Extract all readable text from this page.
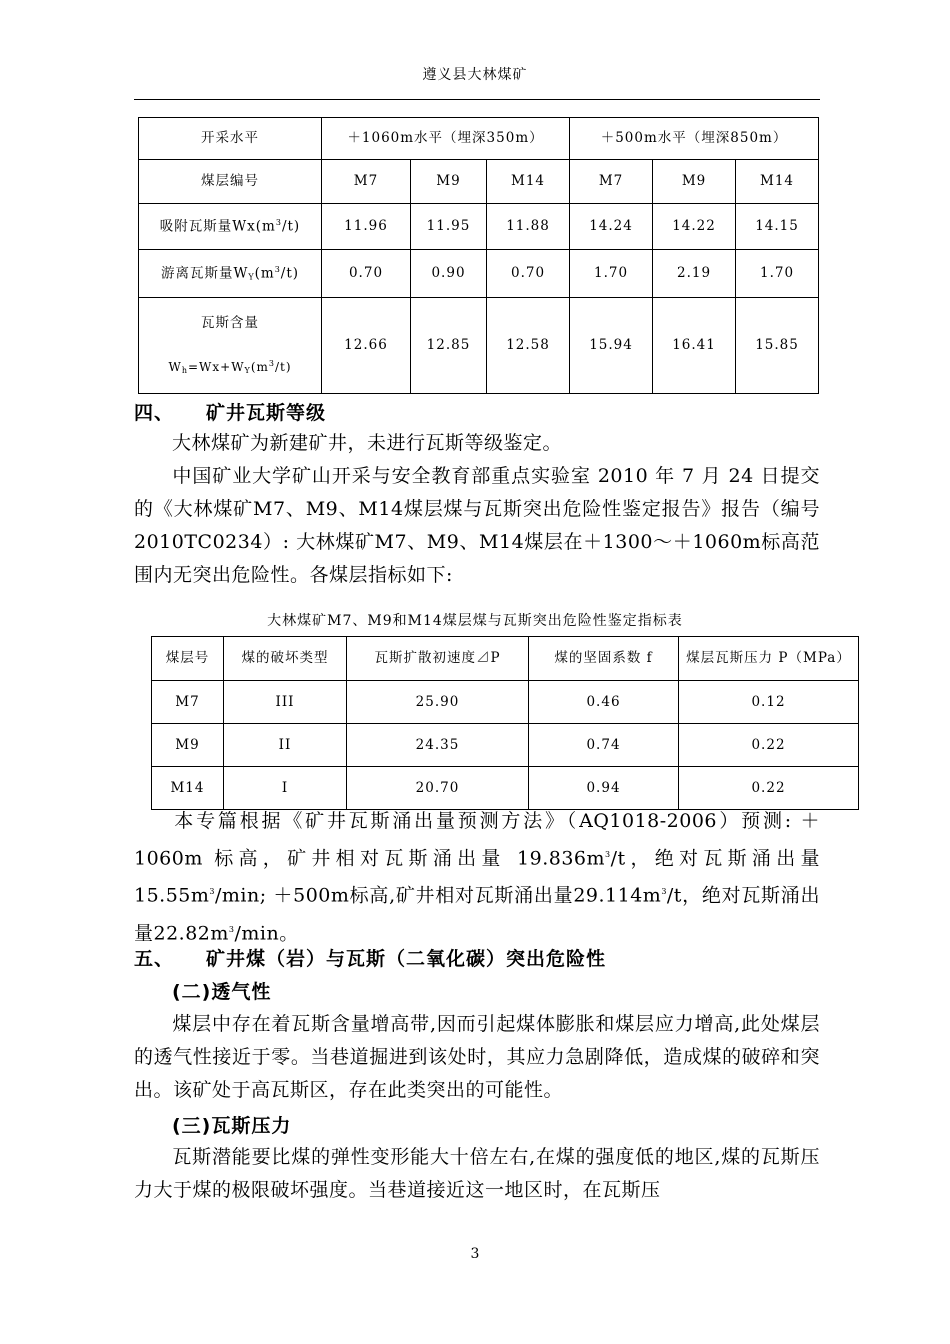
遵义县大林煤矿
开采水平	＋1060m水平（埋深350m）			＋500m水平（埋深850m）		
煤层编号	M7	M9	M14	M7	M9	M14
吸附瓦斯量$Wx(m^3/t)$	11.96	11.95	11.88	14.24	14.22	14.15
游离瓦斯量$W_Y(m^3/t)$	0.70	0.90	0.70	1.70	2.19	1.70

瓦斯含量
$W_h=Wx+W_Y(m^3/t)$	12.66	12.85	12.58	15.94	16.41	15.85
四、 矿井瓦斯等级
大林煤矿为新建矿井，未进行瓦斯等级鉴定。
中国矿业大学矿山开采与安全教育部重点实验室 2010 年 7 月 24 日提交的《大林煤矿M7、M9、M14煤层煤与瓦斯突出危险性鉴定报告》报告（编号 2010TC0234）: 大林煤矿M7、M9、M14煤层在＋1300～＋1060m标高范围内无突出危险性。各煤层指标如下:
大林煤矿M7、M9和M14煤层煤与瓦斯突出危险性鉴定指标表
煤层号	煤的破坏类型	瓦斯扩散初速度⊿P	煤的坚固系数 f	煤层瓦斯压力 P（MPa）
M7	III	25.90	0.46	0.12
M9	II	24.35	0.74	0.22
M14	I	20.70	0.94	0.22
本专篇根据《矿井瓦斯涌出量预测方法》（AQ1018-2006）预测: ＋1060m 标高，矿井相对瓦斯涌出量 $19.836m^3/t$，绝对瓦斯涌出量 $15.55m^3/\min$; ＋500m标高,矿井相对瓦斯涌出量$29.114m^3/t$，绝对瓦斯涌出量$22.82m^3/\min$。
五、 矿井煤（岩）与瓦斯（二氧化碳）突出危险性
(二)透气性
煤层中存在着瓦斯含量增高带,因而引起煤体膨胀和煤层应力增高,此处煤层的透气性接近于零。当巷道掘进到该处时，其应力急剧降低，造成煤的破碎和突出。该矿处于高瓦斯区，存在此类突出的可能性。
(三)瓦斯压力
瓦斯潜能要比煤的弹性变形能大十倍左右,在煤的强度低的地区,煤的瓦斯压力大于煤的极限破坏强度。当巷道接近这一地区时，在瓦斯压
3
